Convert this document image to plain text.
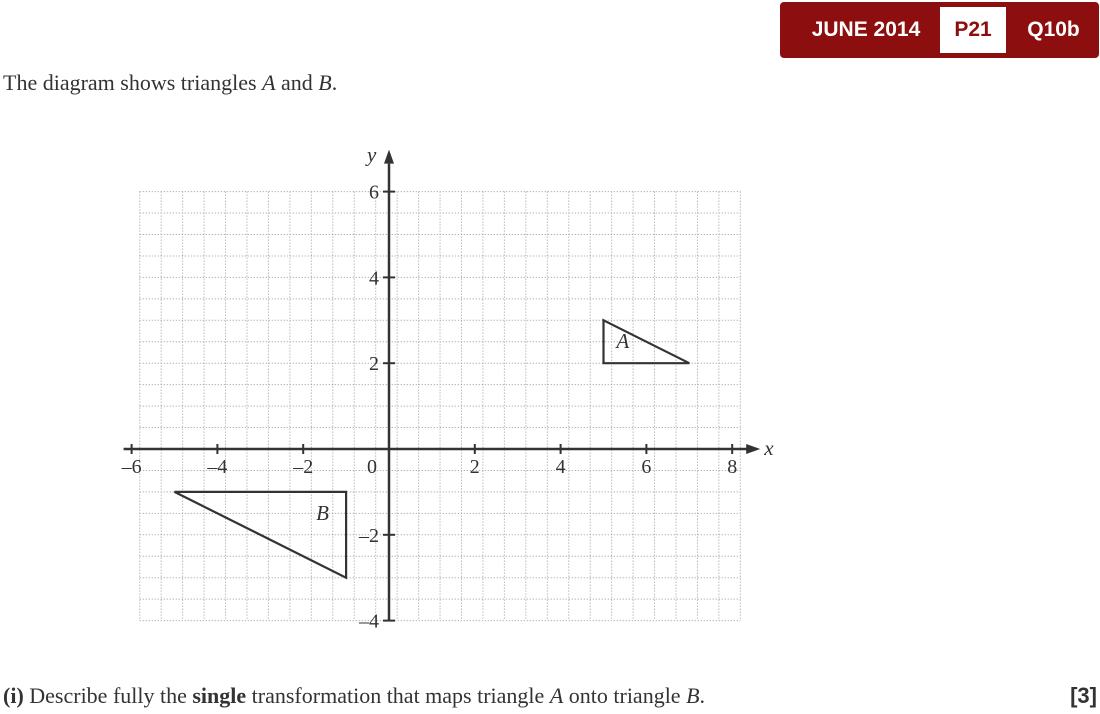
JUNE 2014	P21	Q10b
The diagram shows triangles A and B.
x
y
–6	–4	–2	0	2	4	6	8
6
4
2
–2
–4
A
B
(i) Describe fully the single transformation that maps triangle A onto triangle B.	[3]
